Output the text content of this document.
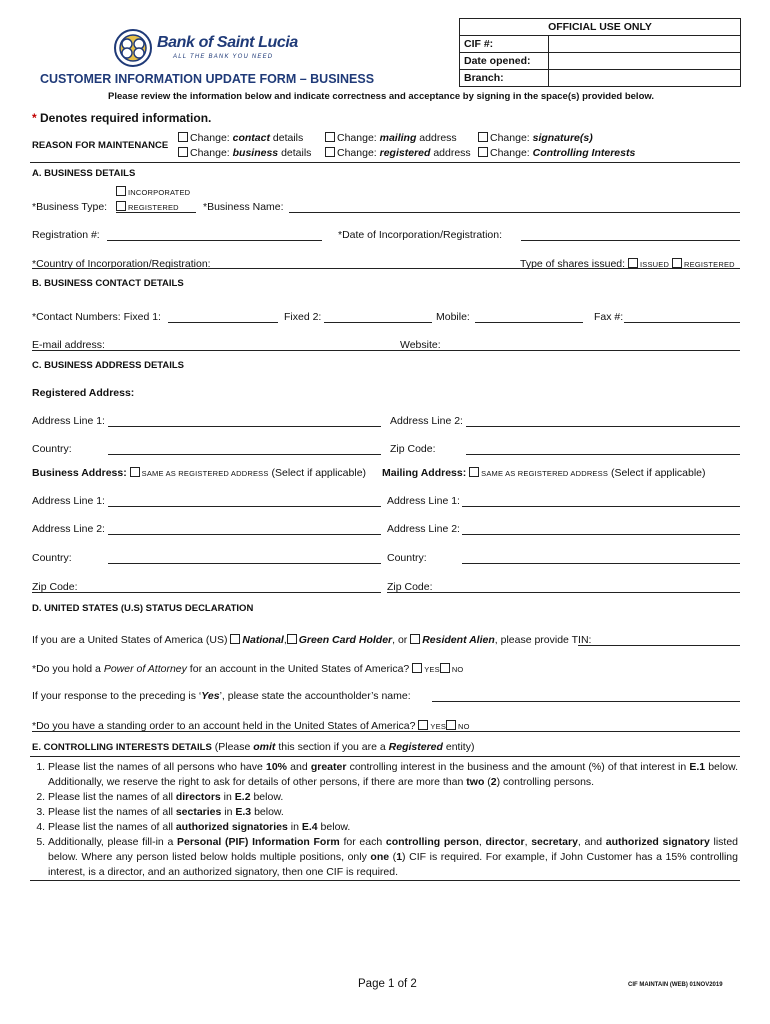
Bank of Saint Lucia
ALL THE BANK YOU NEED
OFFICIAL USE ONLY	
CIF #:	
Date opened:	
Branch:	
CUSTOMER INFORMATION UPDATE FORM – BUSINESS
Please review the information below and indicate correctness and acceptance by signing in the space(s) provided below.
* Denotes required information.
REASON FOR MAINTENANCE
Change: contact details
Change: business details
Change: mailing address
Change: registered address
Change: signature(s)
Change: Controlling Interests
A. BUSINESS DETAILS
INCORPORATED
*Business Type:	REGISTERED *Business Name:
Registration #:	*Date of Incorporation/Registration:
*Country of Incorporation/Registration:	Type of shares issued: ISSUED REGISTERED
B. BUSINESS CONTACT DETAILS
*Contact Numbers: Fixed 1:	Fixed 2:	Mobile:	Fax #:
E-mail address:	Website:
C. BUSINESS ADDRESS DETAILS
Registered Address:
Address Line 1:	Address Line 2:
Country:	Zip Code:
Business Address: SAME AS REGISTERED ADDRESS (Select if applicable) Mailing Address: SAME AS REGISTERED ADDRESS (Select if applicable)
Address Line 1:	Address Line 1:
Address Line 2:	Address Line 2:
Country:	Country:
Zip Code:	Zip Code:
D. UNITED STATES (U.S) STATUS DECLARATION
If you are a United States of America (US) National, Green Card Holder, or Resident Alien, please provide TIN:
*Do you hold a Power of Attorney for an account in the United States of America? YES NO
If your response to the preceding is ‘Yes’, please state the accountholder’s name:
*Do you have a standing order to an account held in the United States of America? YES NO
E. CONTROLLING INTERESTS DETAILS (Please omit this section if you are a Registered entity)
1. Please list the names of all persons who have 10% and greater controlling interest in the business and the amount (%) of that interest in E.1 below. Additionally, we reserve the right to ask for details of other persons, if there are more than two (2) controlling persons.
2. Please list the names of all directors in E.2 below.
3. Please list the names of all sectaries in E.3 below.
4. Please list the names of all authorized signatories in E.4 below.
5. Additionally, please fill-in a Personal (PIF) Information Form for each controlling person, director, secretary, and authorized signatory listed below. Where any person listed below holds multiple positions, only one (1) CIF is required. For example, if John Customer has a 15% controlling interest, is a director, and an authorized signatory, then one CIF is required.
Page 1 of 2	CIF MAINTAIN (WEB) 01NOV2019
